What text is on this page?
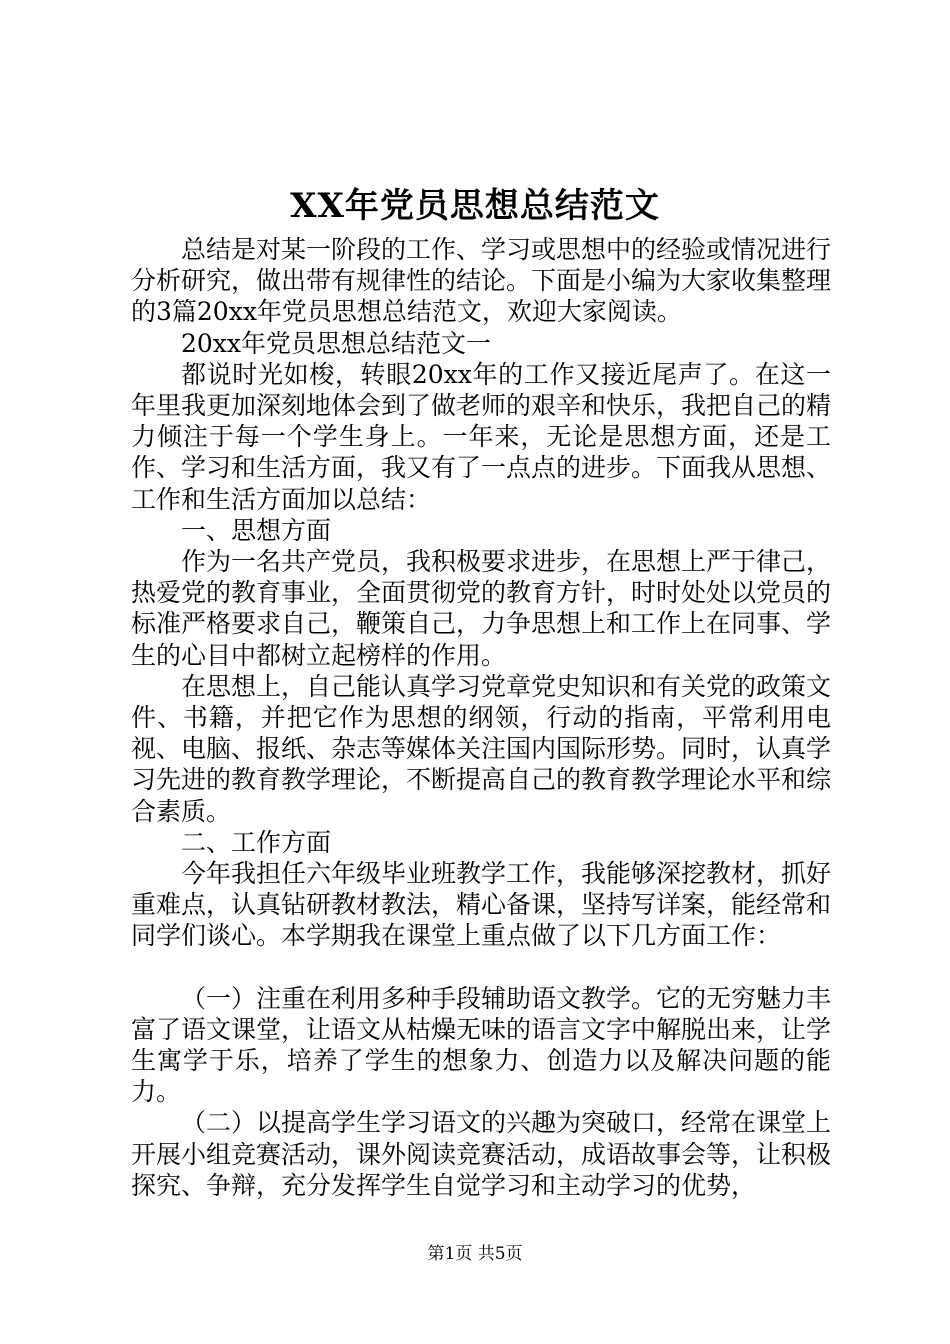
XX年党员思想总结范文

总结是对某一阶段的工作、学习或思想中的经验或情况进行分析研究，做出带有规律性的结论。下面是小编为大家收集整理的3篇20xx年党员思想总结范文，欢迎大家阅读。

20xx年党员思想总结范文一

都说时光如梭，转眼20xx年的工作又接近尾声了。在这一年里我更加深刻地体会到了做老师的艰辛和快乐，我把自己的精力倾注于每一个学生身上。一年来，无论是思想方面，还是工作、学习和生活方面，我又有了一点点的进步。下面我从思想、工作和生活方面加以总结：

一、思想方面

作为一名共产党员，我积极要求进步，在思想上严于律己，热爱党的教育事业，全面贯彻党的教育方针，时时处处以党员的标准严格要求自己，鞭策自己，力争思想上和工作上在同事、学生的心目中都树立起榜样的作用。

在思想上，自己能认真学习党章党史知识和有关党的政策文件、书籍，并把它作为思想的纲领，行动的指南，平常利用电视、电脑、报纸、杂志等媒体关注国内国际形势。同时，认真学习先进的教育教学理论，不断提高自己的教育教学理论水平和综合素质。

二、工作方面

今年我担任六年级毕业班教学工作，我能够深挖教材，抓好重难点，认真钻研教材教法，精心备课，坚持写详案，能经常和同学们谈心。本学期我在课堂上重点做了以下几方面工作：

（一）注重在利用多种手段辅助语文教学。它的无穷魅力丰富了语文课堂，让语文从枯燥无味的语言文字中解脱出来，让学生寓学于乐，培养了学生的想象力、创造力以及解决问题的能力。

（二）以提高学生学习语文的兴趣为突破口，经常在课堂上开展小组竞赛活动，课外阅读竞赛活动，成语故事会等，让积极探究、争辩，充分发挥学生自觉学习和主动学习的优势，

第1页 共5页
